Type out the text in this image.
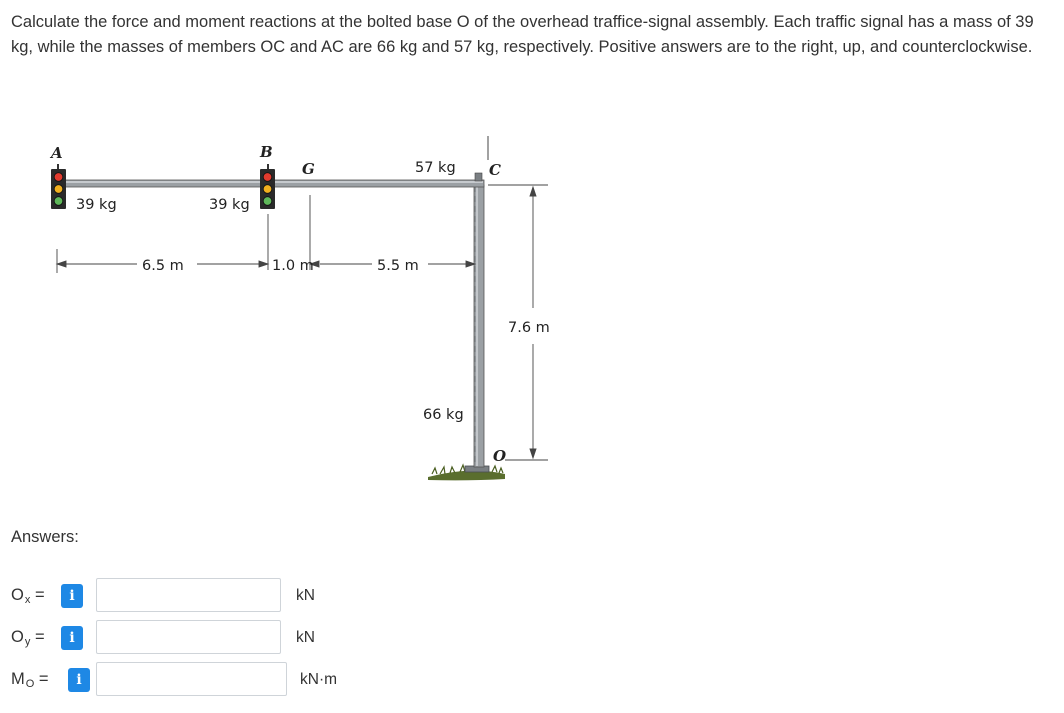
Calculate the force and moment reactions at the bolted base O of the overhead traffice-signal assembly. Each traffic signal has a mass of 39 kg, while the masses of members OC and AC are 66 kg and 57 kg, respectively. Positive answers are to the right, up, and counterclockwise.
A	B
G	C
O
39 kg	39 kg
57 kg
66 kg
6.5 m	1.0 m	5.5 m
7.6 m
Answers:
$O_x$ =	i	kN
$O_y$ =	i	kN
$M_O$ =	i	kN·m
